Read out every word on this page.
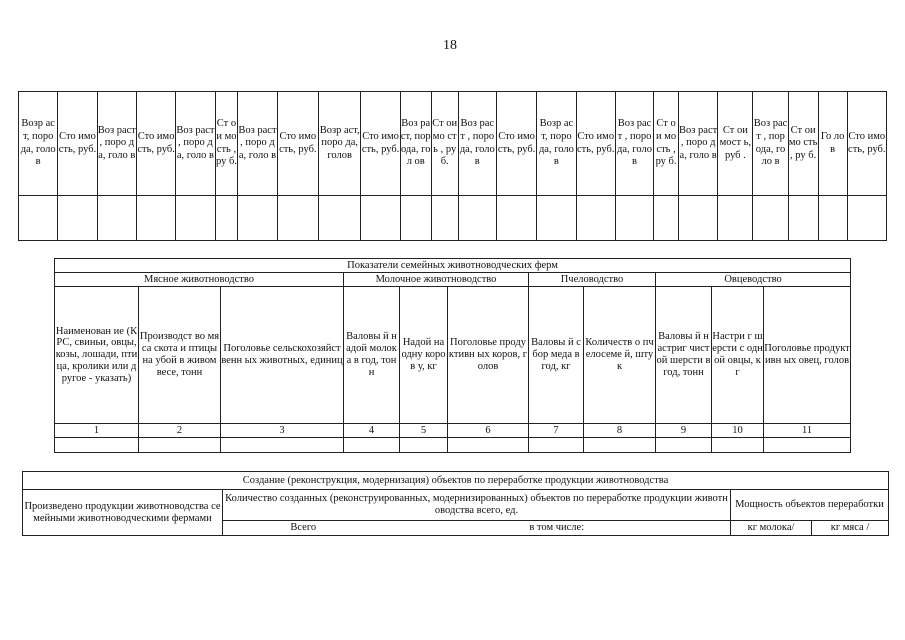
18
Возр аст, поро да, голо в	Сто имо сть, руб.	Воз раст , поро да, голо в	Сто имо сть, руб.	Воз раст , поро да, голо в	Ст ои мо сть , ру б.	Воз раст , поро да, голо в	Сто имо сть, руб.	Возр аст, поро да, голов	Сто имо сть, руб.	Воз раст, пор ода, гол ов	Ст ои мо сть , ру б.	Воз раст , поро да, голо в	Сто имо сть, руб.	Возр аст, поро да, голо в	Сто имо сть, руб.	Воз раст , поро да, голо в	Ст ои мо сть , ру б.	Воз раст , поро да, голо в	Ст ои мост ь, руб .	Воз раст , пор ода, голо в	Ст ои мо сть , ру б.	Го ло в	Сто имо сть, руб.

Показатели семейных животноводческих ферм										
Мясное животноводство			Молочное животноводство			Пчеловодство		Овцеводство		
Наименован ие (КРС, свиньи, овцы, козы, лошади, птица, кролики или другое - указать)	Производст во мяса скота и птицы на убой в живом весе, тонн	Поголовье сельскохозяйственн ых животных, единиц	Валовы й надой молока в год, тонн	Надой на одну коров у, кг	Поголовье продуктивн ых коров, голов	Валовы й сбор меда в год, кг	Количеств о пчелосеме й, штук	Валовы й настриг чистой шерсти в год, тонн	Настри г шерсти с одной овцы, кг	Поголовье продуктивн ых овец, голов
1	2	3	4	5	6	7	8	9	10	11

Создание (реконструкция, модернизация) объектов по переработке продукции животноводства				
Произведено продукции животноводства семейными животноводческими фермами	Количество созданных (реконструированных, модернизированных) объектов по переработке продукции животноводства всего, ед.		Мощность объектов переработки	
	Всего	в том числе:	кг молока/	кг мяса /
